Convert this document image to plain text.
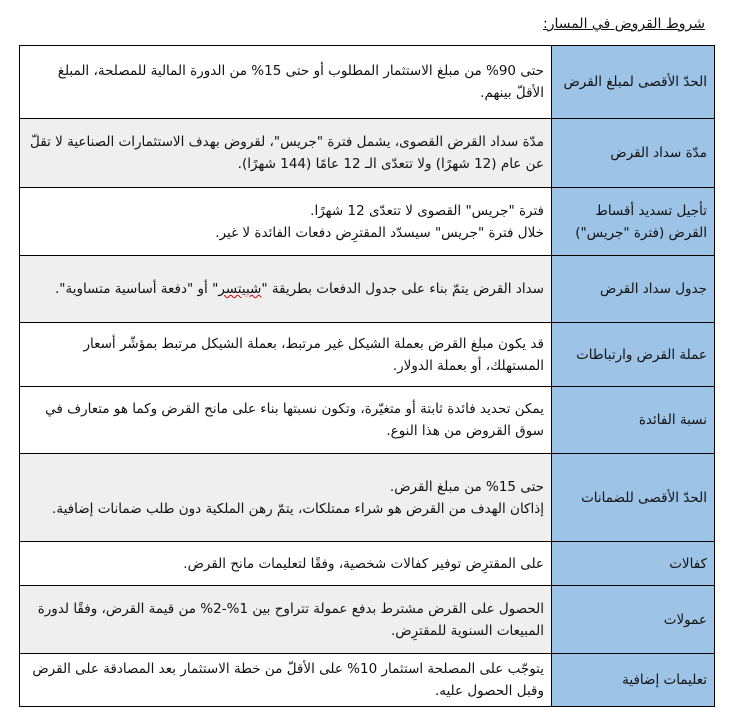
شروط القروض في المسار:
الحدّ الأقصى لمبلغ القرض	حتى 90% من مبلغ الاستثمار المطلوب أو حتى 15% من الدورة المالية للمصلحة، المبلغ الأقلّ بينهم.

مدّة سداد القرض	مدّة سداد القرض القصوى، يشمل فترة "جريس"، لقروض بهدف الاستثمارات الصناعية لا تقلّ عن عام (12 شهرًا) ولا تتعدّى الـ 12 عامًا (144 شهرًا).

تأجيل تسديد أقساط القرض (فترة "جريس")	فترة "جريس" القصوى لا تتعدّى 12 شهرًا.
خلال فترة "جريس" سيسدّد المقترِض دفعات الفائدة لا غير.

جدول سداد القرض	سداد القرض يتمّ بناء على جدول الدفعات بطريقة "شبيتسر" أو "دفعة أساسية متساوية".
عملة القرض وارتباطات	قد يكون مبلغ القرض بعملة الشيكل غير مرتبط، بعملة الشيكل مرتبط بمؤشّر أسعار المستهلك، أو بعملة الدولار.

نسبة الفائدة	يمكن تحديد فائدة ثابتة أو متغيّرة، وتكون نسبتها بناء على مانح القرض وكما هو متعارف في سوق القروض من هذا النوع.

الحدّ الأقصى للضمانات	حتى 15% من مبلغ القرض.
إذاكان الهدف من القرض هو شراء ممتلكات، يتمّ رهن الملكية دون طلب ضمانات إضافية.

كفالات	على المقترِض توفير كفالات شخصية، وفقًا لتعليمات مانح القرض.

عمولات	الحصول على القرض مشترط بدفع عمولة تتراوح بين 1%-2% من قيمة القرض، وفقًا لدورة المبيعات السنوية للمقترِض.

تعليمات إضافية	يتوجّب على المصلحة استثمار 10% على الأقلّ من خطة الاستثمار بعد المصادقة على القرض وقبل الحصول عليه.
